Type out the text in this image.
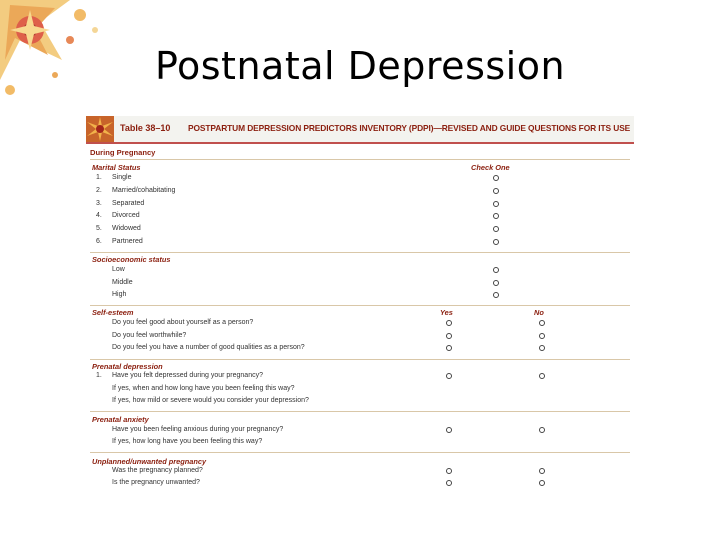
Postnatal Depression
Table 38–10 POSTPARTUM DEPRESSION PREDICTORS INVENTORY (PDPI)—REVISED AND GUIDE QUESTIONS FOR ITS USE
During Pregnancy
Marital Status	Check One
1. Single
2. Married/cohabitating
3. Separated
4. Divorced
5. Widowed
6. Partnered
Socioeconomic status
Low
Middle
High
Self-esteem	Yes	No
Do you feel good about yourself as a person?
Do you feel worthwhile?
Do you feel you have a number of good qualities as a person?
Prenatal depression
1. Have you felt depressed during your pregnancy?
If yes, when and how long have you been feeling this way?
If yes, how mild or severe would you consider your depression?
Prenatal anxiety
Have you been feeling anxious during your pregnancy?
If yes, how long have you been feeling this way?
Unplanned/unwanted pregnancy
Was the pregnancy planned?
Is the pregnancy unwanted?
